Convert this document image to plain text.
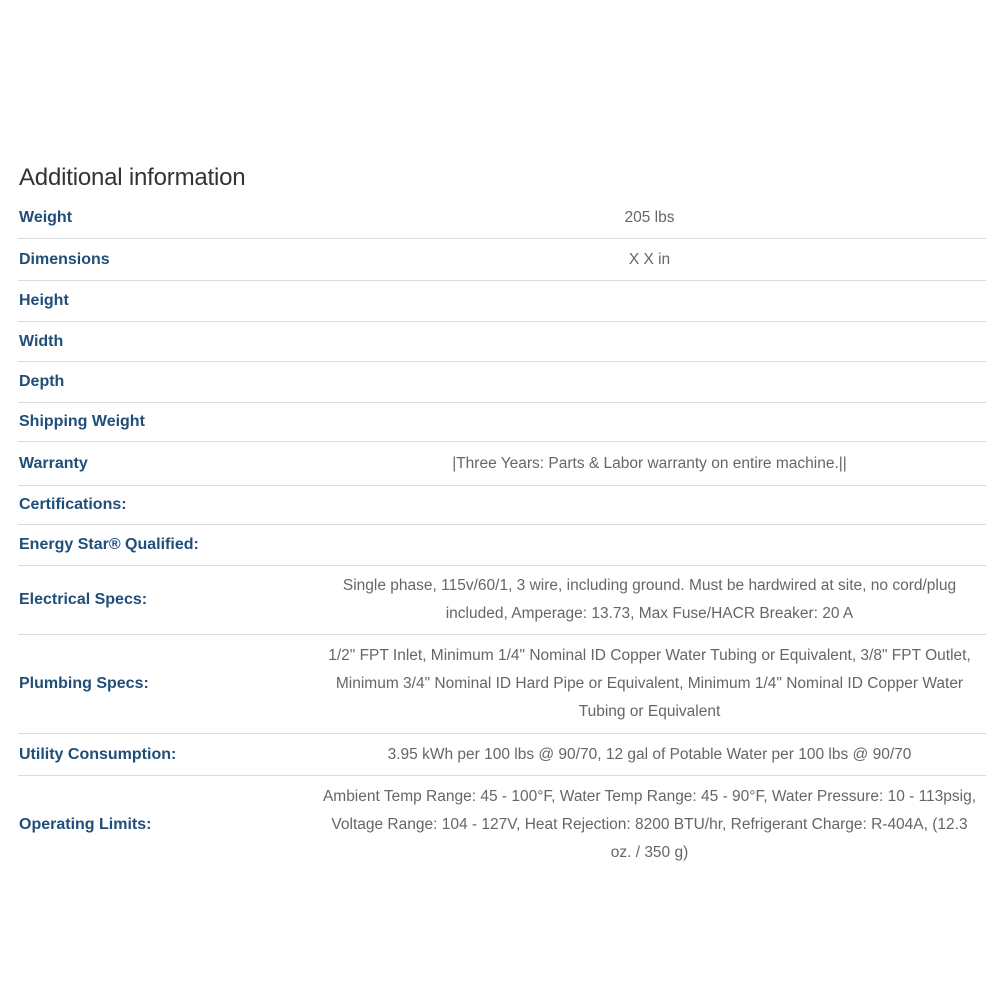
Additional information
Weight	205 lbs
Dimensions	X X in
Height
Width
Depth
Shipping Weight
Warranty	|Three Years: Parts & Labor warranty on entire machine.||
Certifications:
Energy Star® Qualified:
Electrical Specs:
Single phase, 115v/60/1, 3 wire, including ground. Must be hardwired at site, no cord/plug included, Amperage: 13.73, Max Fuse/HACR Breaker: 20 A
Plumbing Specs:
1/2" FPT Inlet, Minimum 1/4" Nominal ID Copper Water Tubing or Equivalent, 3/8" FPT Outlet, Minimum 3/4" Nominal ID Hard Pipe or Equivalent, Minimum 1/4" Nominal ID Copper Water Tubing or Equivalent
Utility Consumption:	3.95 kWh per 100 lbs @ 90/70, 12 gal of Potable Water per 100 lbs @ 90/70
Operating Limits:
Ambient Temp Range: 45 - 100°F, Water Temp Range: 45 - 90°F, Water Pressure: 10 - 113psig, Voltage Range: 104 - 127V, Heat Rejection: 8200 BTU/hr, Refrigerant Charge: R-404A, (12.3 oz. / 350 g)
